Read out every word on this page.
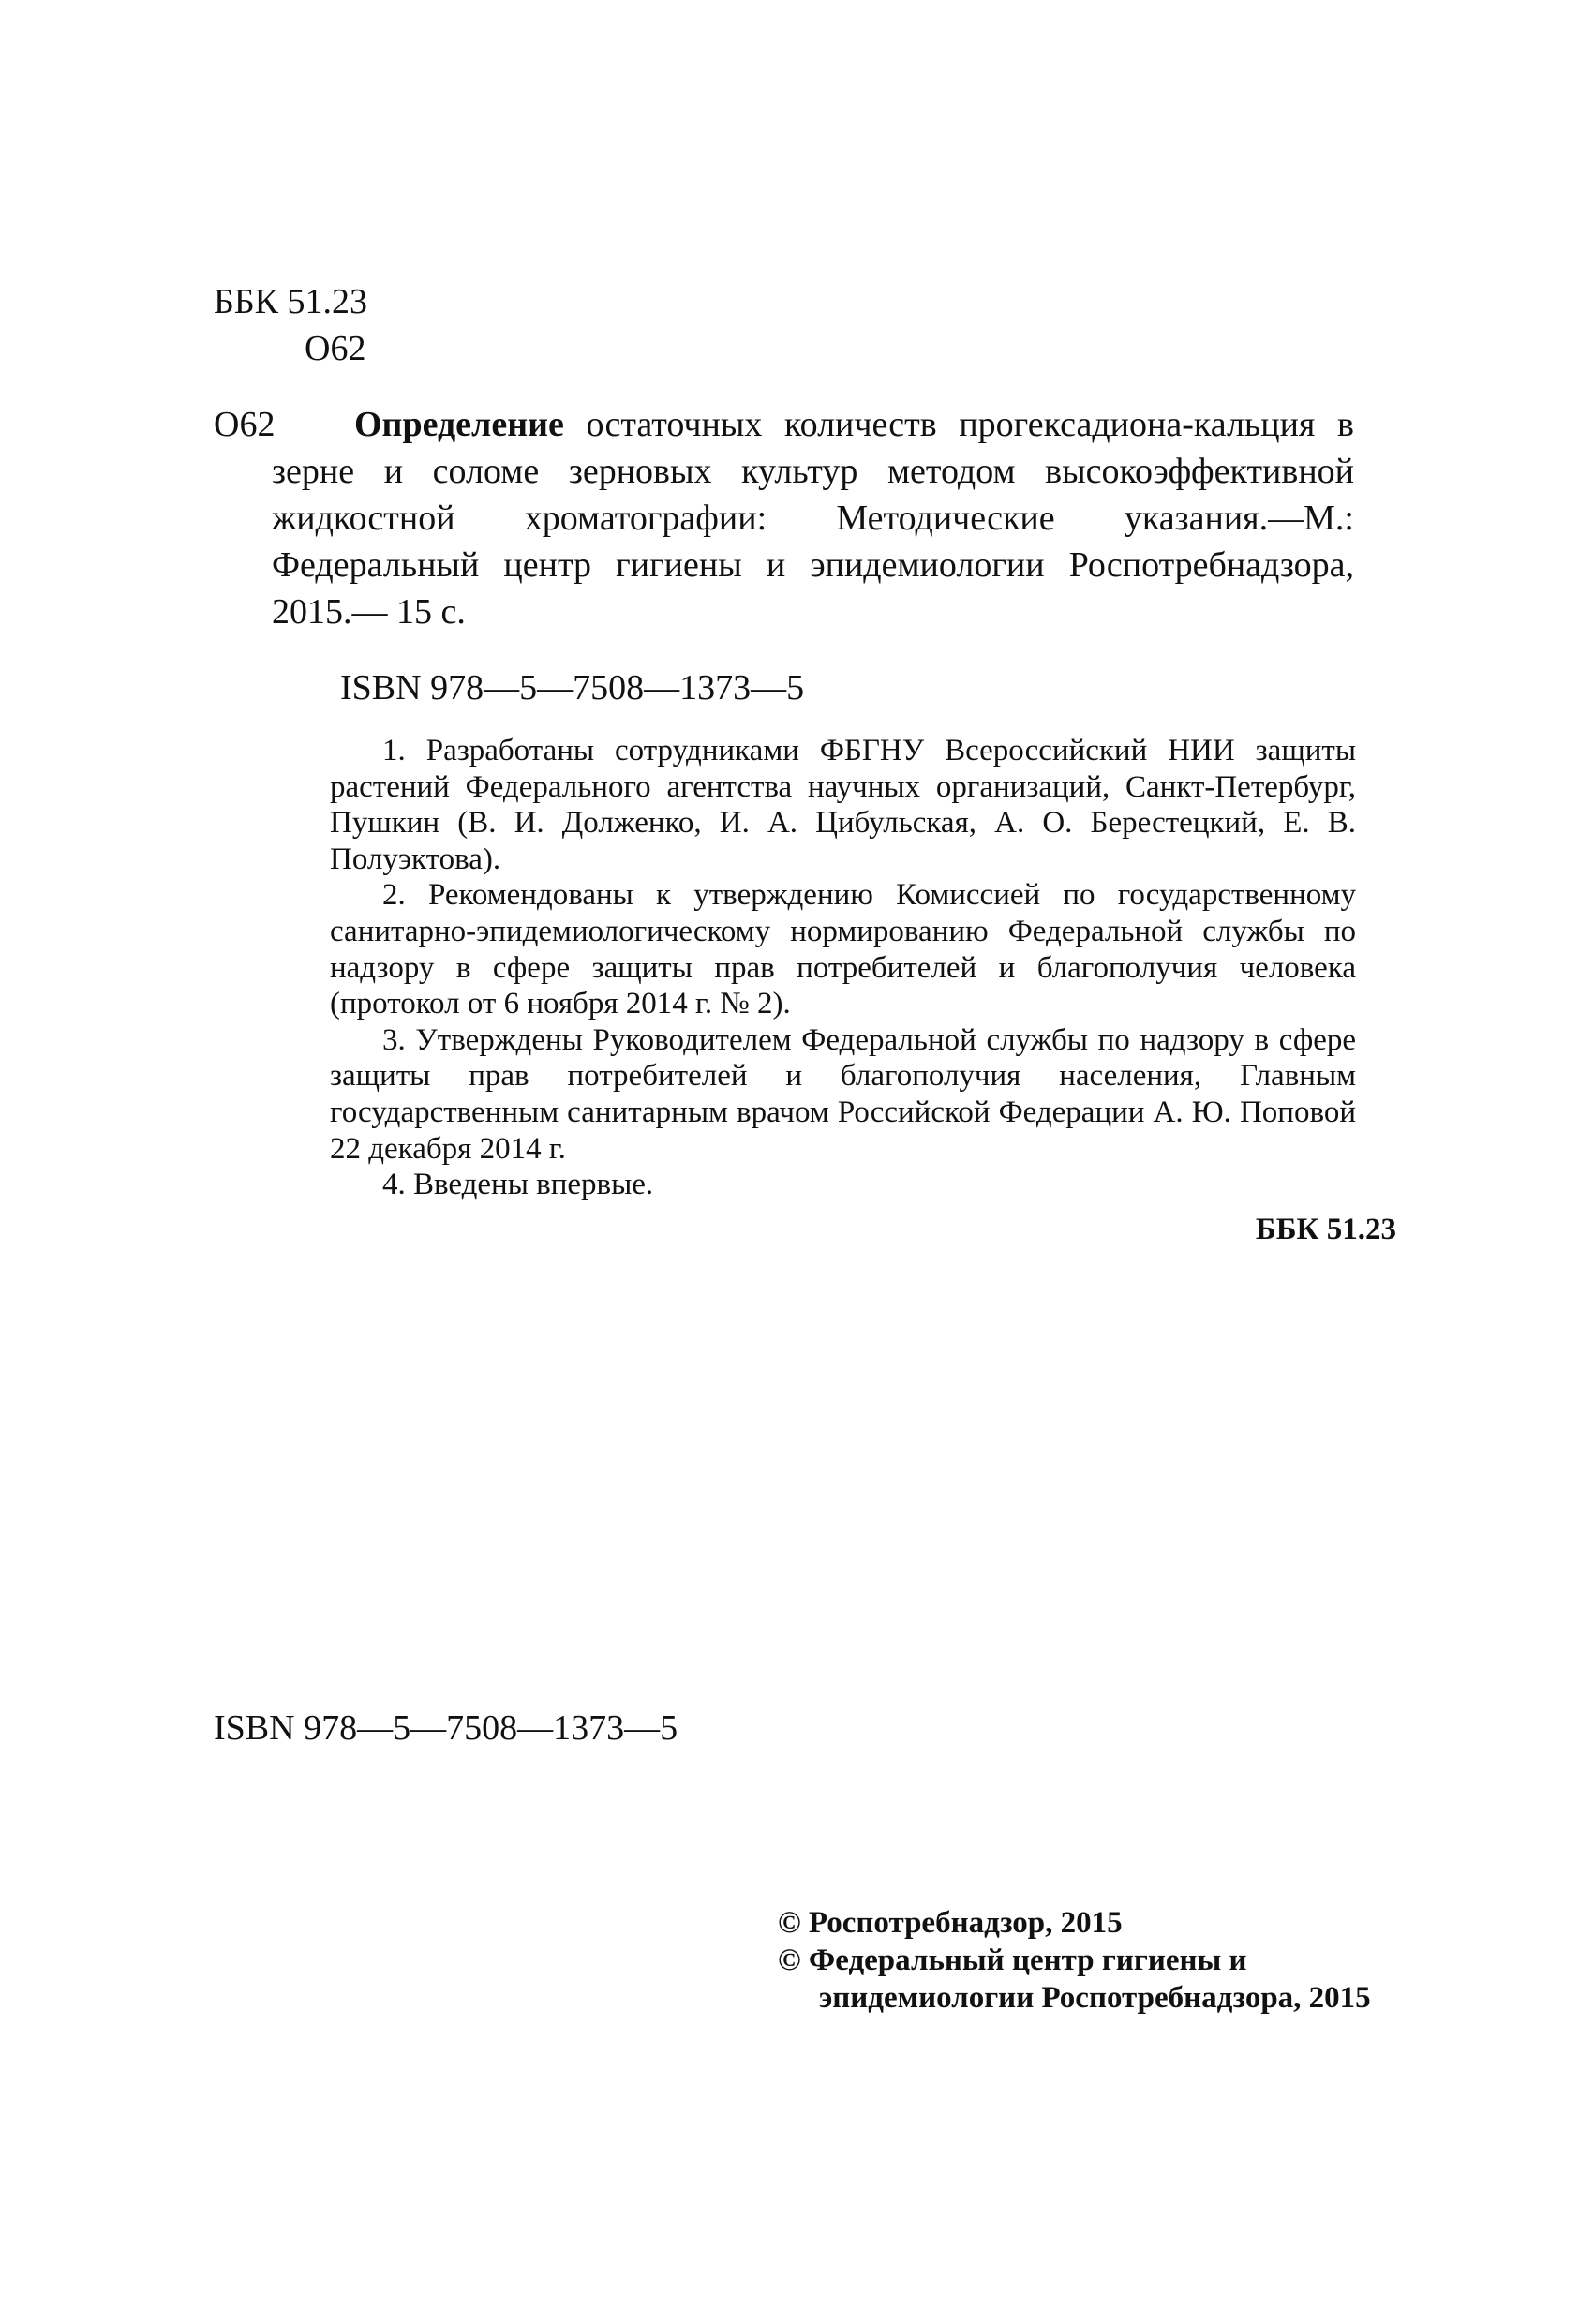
ББК 51.23
О62
О62	Определение остаточных количеств прогексадиона-кальция в зерне и соломе зерновых культур методом высокоэффективной жидкостной хроматографии: Методические указания.—М.: Федеральный центр гигиены и эпидемиологии Роспотребнадзора, 2015.— 15 с.
ISBN 978—5—7508—1373—5

1. Разработаны сотрудниками ФБГНУ Всероссийский НИИ защиты растений Федерального агентства научных организаций, Санкт-Петербург, Пушкин (В. И. Долженко, И. А. Цибульская, А. О. Берестецкий, Е. В. Полуэктова).

2. Рекомендованы к утверждению Комиссией по государственному санитарно-эпидемиологическому нормированию Федеральной службы по надзору в сфере защиты прав потребителей и благополучия человека (протокол от 6 ноября 2014 г. № 2).

3. Утверждены Руководителем Федеральной службы по надзору в сфере защиты прав потребителей и благополучия населения, Главным государственным санитарным врачом Российской Федерации А. Ю. Поповой 22 декабря 2014 г.

4. Введены впервые.

ББК 51.23
ISBN 978—5—7508—1373—5
© Роспотребнадзор, 2015
© Федеральный центр гигиены и
эпидемиологии Роспотребнадзора, 2015
